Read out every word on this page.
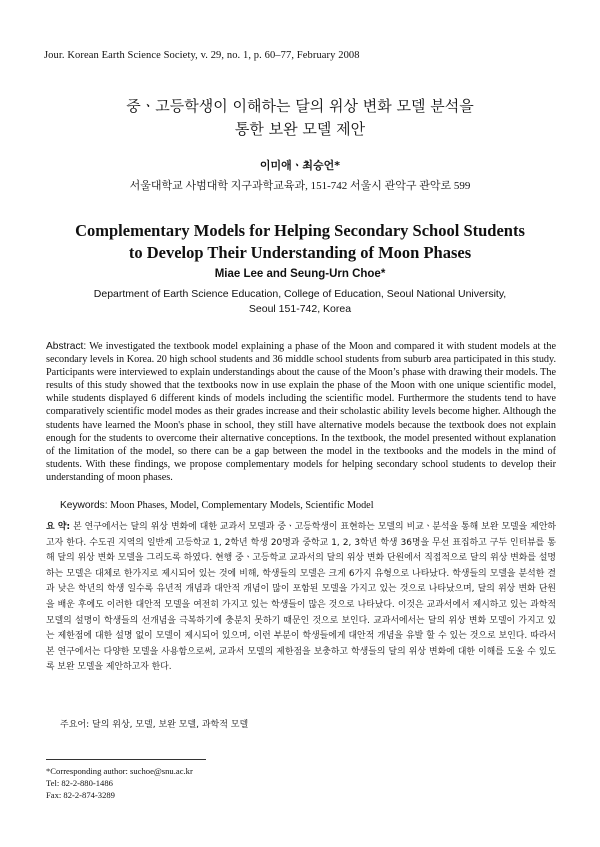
Jour. Korean Earth Science Society, v. 29, no. 1, p. 60–77, February 2008
중ㆍ고등학생이 이해하는 달의 위상 변화 모델 분석을
통한 보완 모델 제안
이미애ㆍ최승언*
서울대학교 사범대학 지구과학교육과, 151-742 서울시 관악구 관악로 599
Complementary Models for Helping Secondary School Students
to Develop Their Understanding of Moon Phases
Miae Lee and Seung-Urn Choe*
Department of Earth Science Education, College of Education, Seoul National University,
Seoul 151-742, Korea
Abstract: We investigated the textbook model explaining a phase of the Moon and compared it with student models at the secondary levels in Korea. 20 high school students and 36 middle school students from suburb area participated in this study. Participants were interviewed to explain understandings about the cause of the Moon’s phase with drawing their models. The results of this study showed that the textbooks now in use explain the phase of the Moon with one unique scientific model, while students displayed 6 different kinds of models including the scientific model. Furthermore the students tend to have comparatively scientific model modes as their grades increase and their scholastic ability levels become higher. Although the students have learned the Moon's phase in school, they still have alternative models because the textbook does not explain enough for the students to overcome their alternative conceptions. In the textbook, the model presented without explanation of the limitation of the model, so there can be a gap between the model in the textbooks and the models in the mind of students. With these findings, we propose complementary models for helping secondary school students to develop their understanding of moon phases.
Keywords: Moon Phases, Model, Complementary Models, Scientific Model
요 약: 본 연구에서는 달의 위상 변화에 대한 교과서 모델과 중ㆍ고등학생이 표현하는 모델의 비교ㆍ분석을 통해 보완 모델을 제안하고자 한다. 수도권 지역의 일반계 고등학교 1, 2학년 학생 20명과 중학교 1, 2, 3학년 학생 36명을 무선 표집하고 구두 인터뷰를 통해 달의 위상 변화 모델을 그리도록 하였다. 현행 중ㆍ고등학교 교과서의 달의 위상 변화 단원에서 직접적으로 달의 위상 변화를 설명하는 모델은 대체로 한가지로 제시되어 있는 것에 비해, 학생들의 모델은 크게 6가지 유형으로 나타났다. 학생들의 모델을 분석한 결과 낮은 학년의 학생 일수록 유년적 개념과 대안적 개념이 많이 포함된 모델을 가지고 있는 것으로 나타났으며, 달의 위상 변화 단원을 배운 후에도 이러한 대안적 모델을 여전히 가지고 있는 학생들이 많은 것으로 나타났다. 이것은 교과서에서 제시하고 있는 과학적 모델의 설명이 학생들의 선개념을 극복하기에 충분치 못하기 때문인 것으로 보인다. 교과서에서는 달의 위상 변화 모델이 가지고 있는 제한점에 대한 설명 없이 모델이 제시되어 있으며, 이런 부분이 학생들에게 대안적 개념을 유발 할 수 있는 것으로 보인다. 따라서 본 연구에서는 다양한 모델을 사용함으로써, 교과서 모델의 제한점을 보충하고 학생들의 달의 위상 변화에 대한 이해를 도울 수 있도록 보완 모델을 제안하고자 한다.
주요어: 달의 위상, 모델, 보완 모델, 과학적 모델
*Corresponding author: suchoe@snu.ac.kr
Tel: 82-2-880-1486
Fax: 82-2-874-3289
